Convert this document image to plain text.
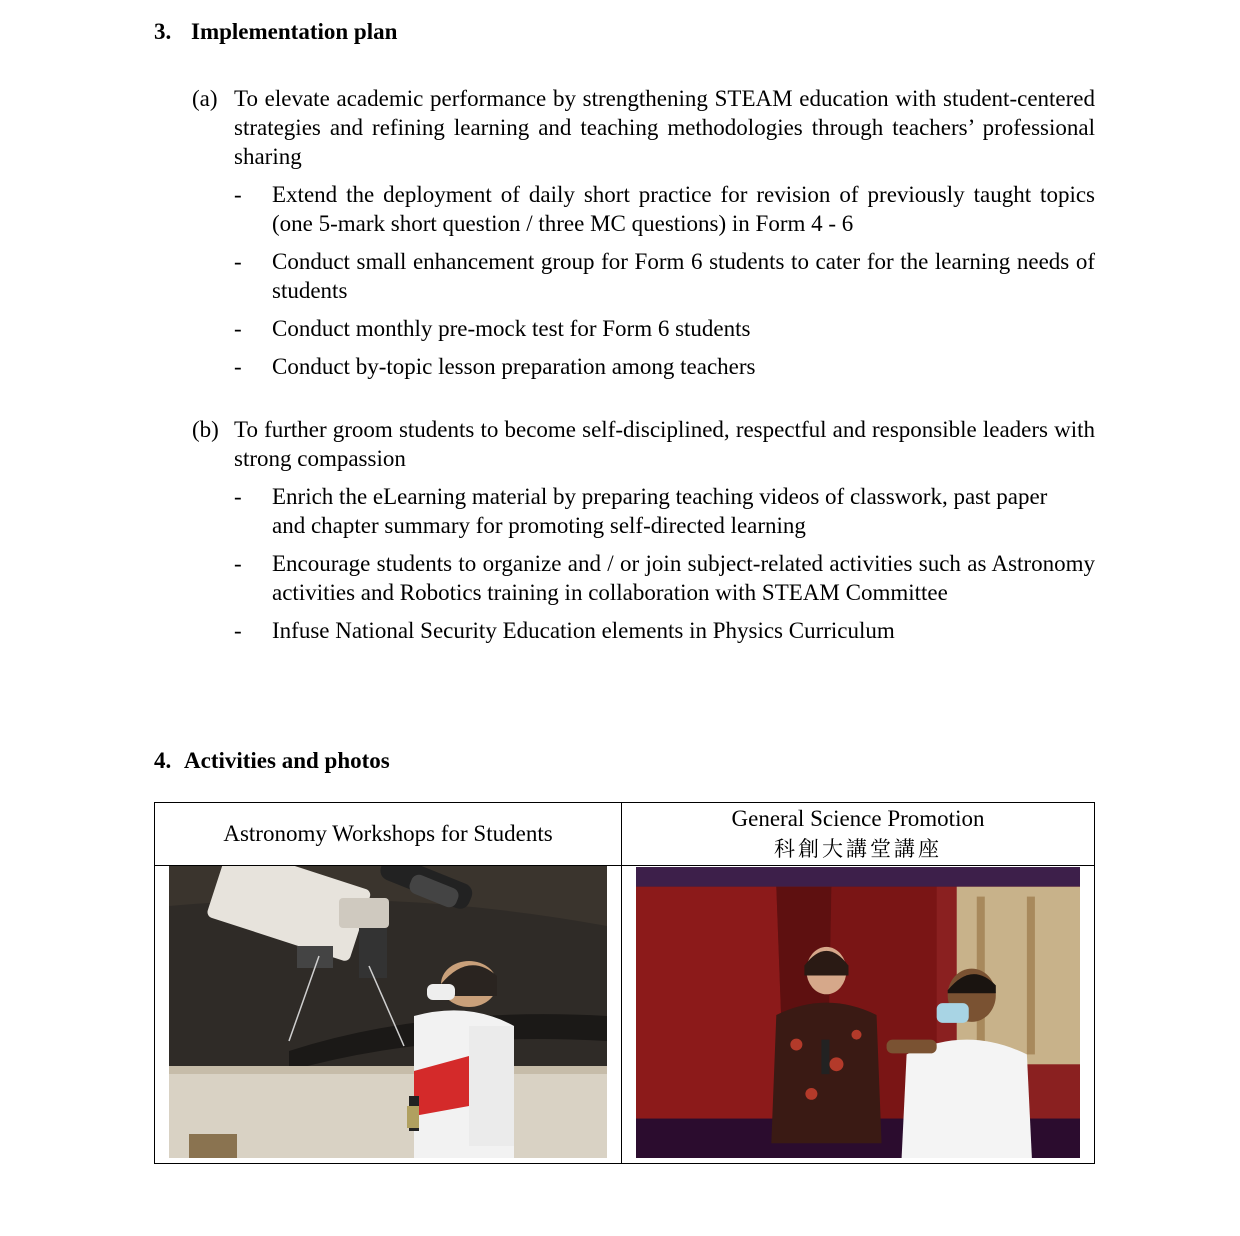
3. Implementation plan
(a) To elevate academic performance by strengthening STEAM education with student-centered strategies and refining learning and teaching methodologies through teachers’ professional sharing
- Extend the deployment of daily short practice for revision of previously taught topics (one 5-mark short question / three MC questions) in Form 4 - 6
- Conduct small enhancement group for Form 6 students to cater for the learning needs of students
- Conduct monthly pre-mock test for Form 6 students
- Conduct by-topic lesson preparation among teachers
(b) To further groom students to become self-disciplined, respectful and responsible leaders with strong compassion
- Enrich the eLearning material by preparing teaching videos of classwork, past paper and chapter summary for promoting self-directed learning
- Encourage students to organize and / or join subject-related activities such as Astronomy activities and Robotics training in collaboration with STEAM Committee
- Infuse National Security Education elements in Physics Curriculum
4. Activities and photos
Astronomy Workshops for Students	General Science Promotion
科創大講堂講座
